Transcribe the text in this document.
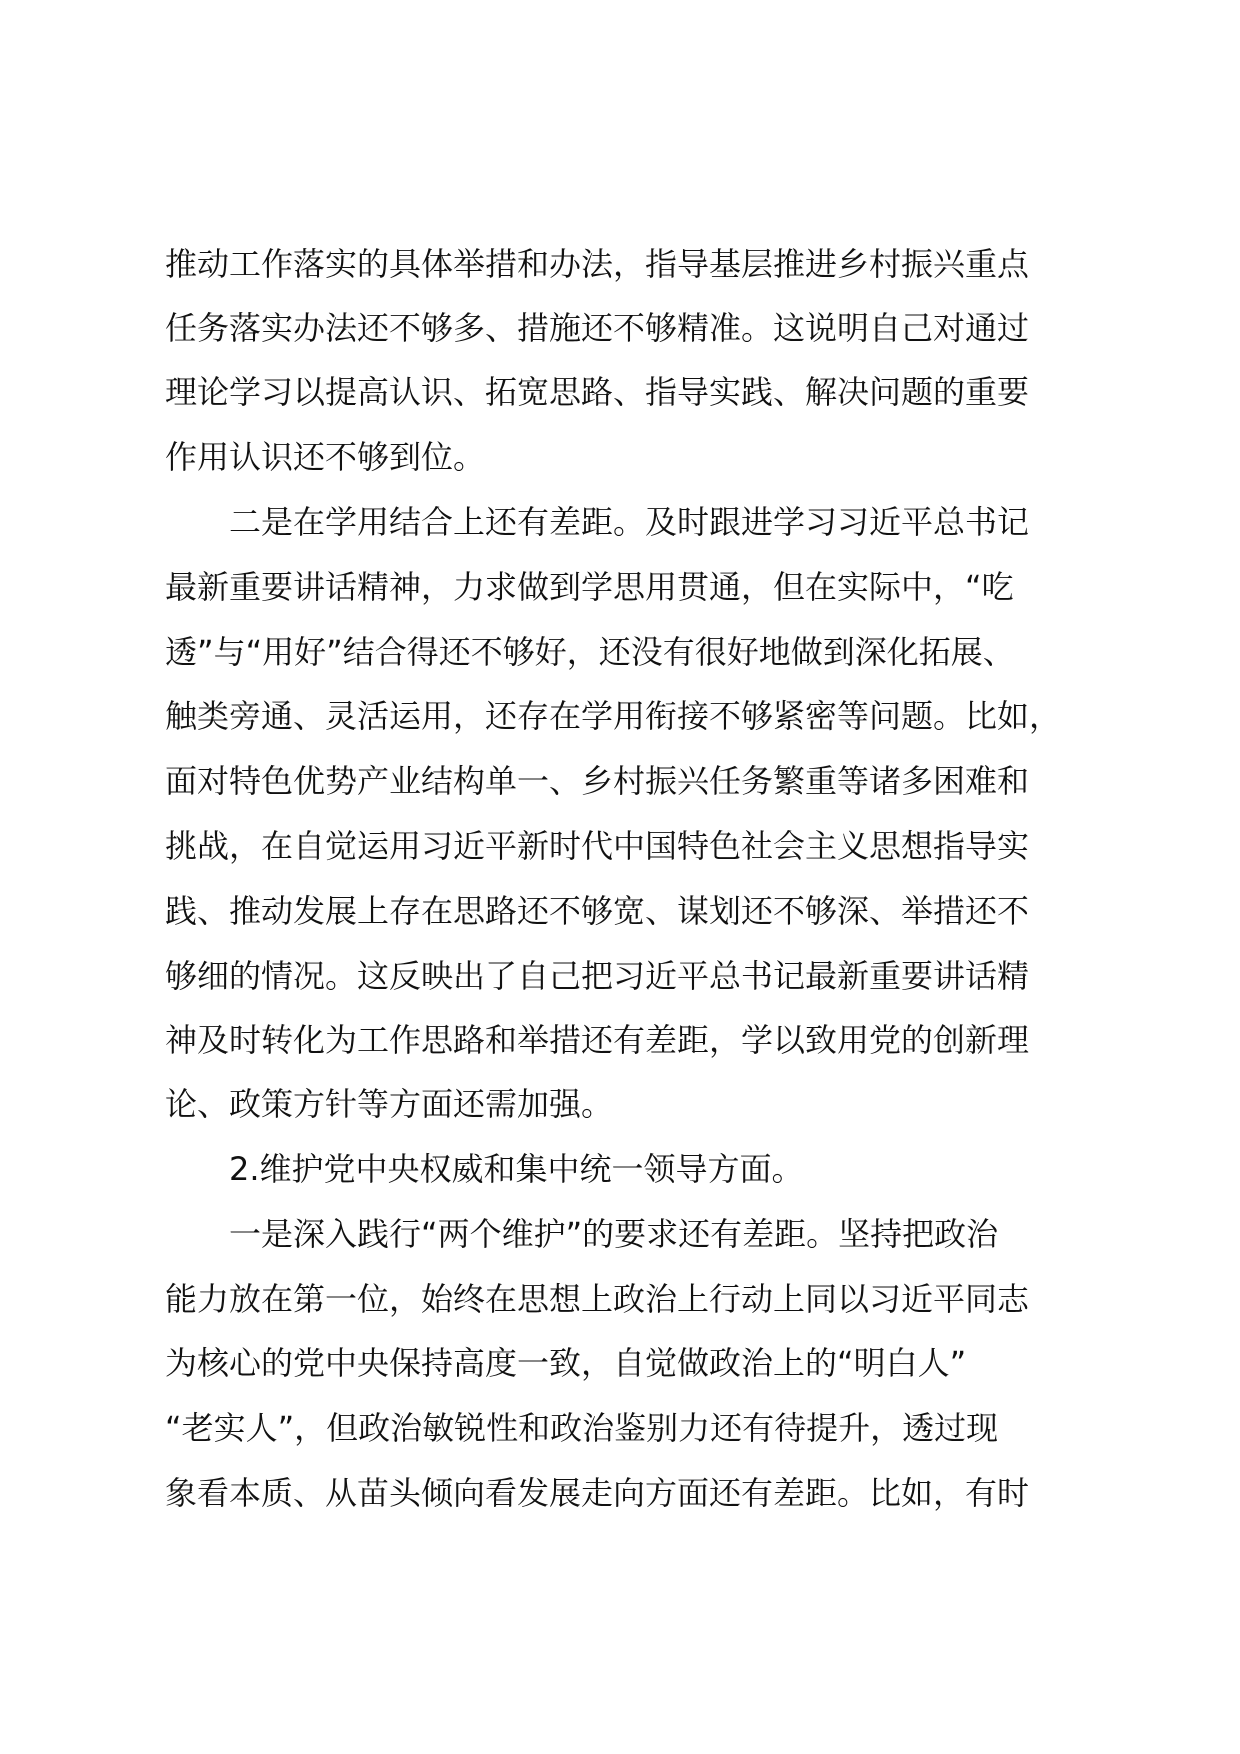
推动工作落实的具体举措和办法，指导基层推进乡村振兴重点
任务落实办法还不够多、措施还不够精准。这说明自己对通过
理论学习以提高认识、拓宽思路、指导实践、解决问题的重要
作用认识还不够到位。
二是在学用结合上还有差距。及时跟进学习习近平总书记
最新重要讲话精神，力求做到学思用贯通，但在实际中，“吃
透”与“用好”结合得还不够好，还没有很好地做到深化拓展、
触类旁通、灵活运用，还存在学用衔接不够紧密等问题。比如，
面对特色优势产业结构单一、乡村振兴任务繁重等诸多困难和
挑战，在自觉运用习近平新时代中国特色社会主义思想指导实
践、推动发展上存在思路还不够宽、谋划还不够深、举措还不
够细的情况。这反映出了自己把习近平总书记最新重要讲话精
神及时转化为工作思路和举措还有差距，学以致用党的创新理
论、政策方针等方面还需加强。
2.维护党中央权威和集中统一领导方面。
一是深入践行“两个维护”的要求还有差距。坚持把政治
能力放在第一位，始终在思想上政治上行动上同以习近平同志
为核心的党中央保持高度一致，自觉做政治上的“明白人”
“老实人”，但政治敏锐性和政治鉴别力还有待提升，透过现
象看本质、从苗头倾向看发展走向方面还有差距。比如，有时
